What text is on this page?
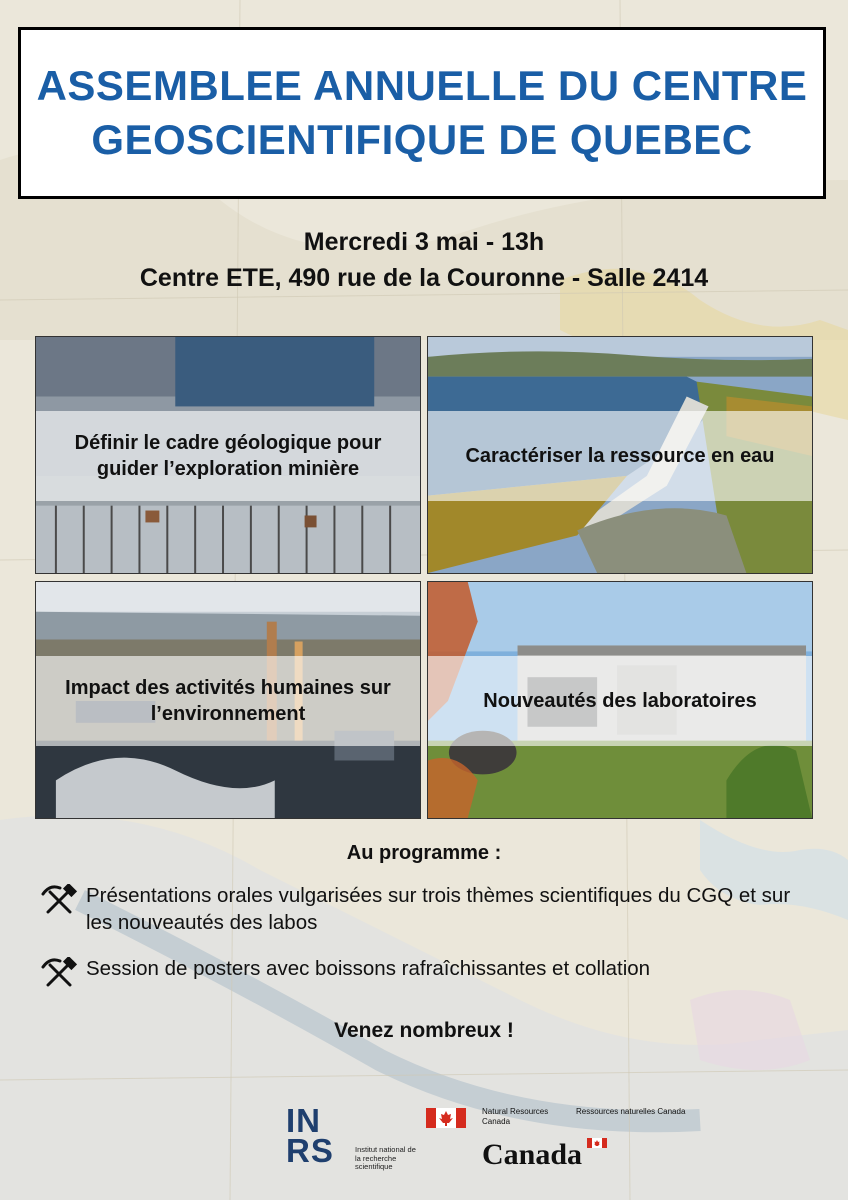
ASSEMBLEE ANNUELLE DU CENTRE GEOSCIENTIFIQUE DE QUEBEC
Mercredi 3 mai - 13h
Centre ETE, 490 rue de la Couronne - Salle 2414
Définir le cadre géologique pour guider l’exploration minière
Caractériser la ressource en eau
Impact des activités humaines sur l’environnement
Nouveautés des laboratoires
Au programme :
Présentations orales vulgarisées sur trois thèmes scientifiques du CGQ et sur les nouveautés des labos
Session de posters avec boissons rafraîchissantes et collation
Venez nombreux !
IN
RS	Institut national de la recherche scientifique
Natural Resources Canada
Ressources naturelles Canada
Canada
